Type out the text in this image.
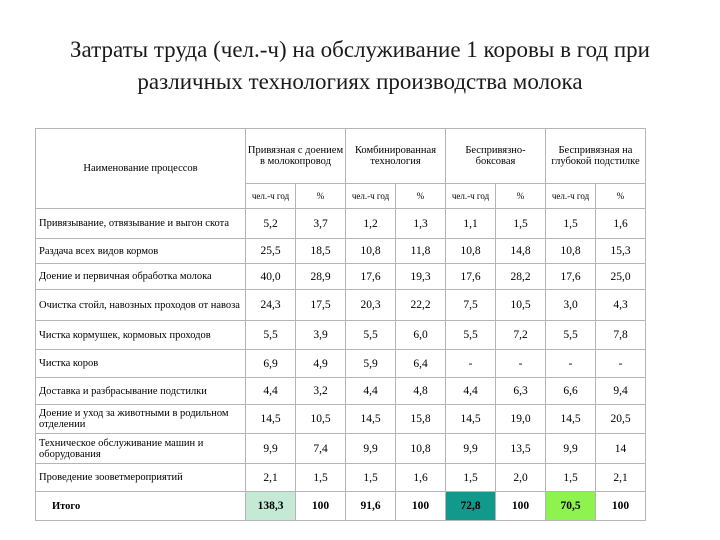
Затраты труда (чел.-ч) на обслуживание 1 коровы в год при различных технологиях производства молока
Наименование процессов	Привязная с доением в молокопровод		Комбинированная технология		Беспривязно-боксовая		Беспривязная на глубокой подстилке	
	чел.-ч год	%	чел.-ч год	%	чел.-ч год	%	чел.-ч год	%
Привязывание, отвязывание и выгон скота	5,2	3,7	1,2	1,3	1,1	1,5	1,5	1,6
Раздача всех видов кормов	25,5	18,5	10,8	11,8	10,8	14,8	10,8	15,3
Доение и первичная обработка молока	40,0	28,9	17,6	19,3	17,6	28,2	17,6	25,0
Очистка стойл, навозных проходов от навоза	24,3	17,5	20,3	22,2	7,5	10,5	3,0	4,3
Чистка кормушек, кормовых проходов	5,5	3,9	5,5	6,0	5,5	7,2	5,5	7,8
Чистка коров	6,9	4,9	5,9	6,4	-	-	-	-
Доставка и разбрасывание подстилки	4,4	3,2	4,4	4,8	4,4	6,3	6,6	9,4
Доение и уход за животными в родильном отделении	14,5	10,5	14,5	15,8	14,5	19,0	14,5	20,5
Техническое обслуживание машин и оборудования	9,9	7,4	9,9	10,8	9,9	13,5	9,9	14
Проведение зооветмероприятий	2,1	1,5	1,5	1,6	1,5	2,0	1,5	2,1
Итого	138,3	100	91,6	100	72,8	100	70,5	100
